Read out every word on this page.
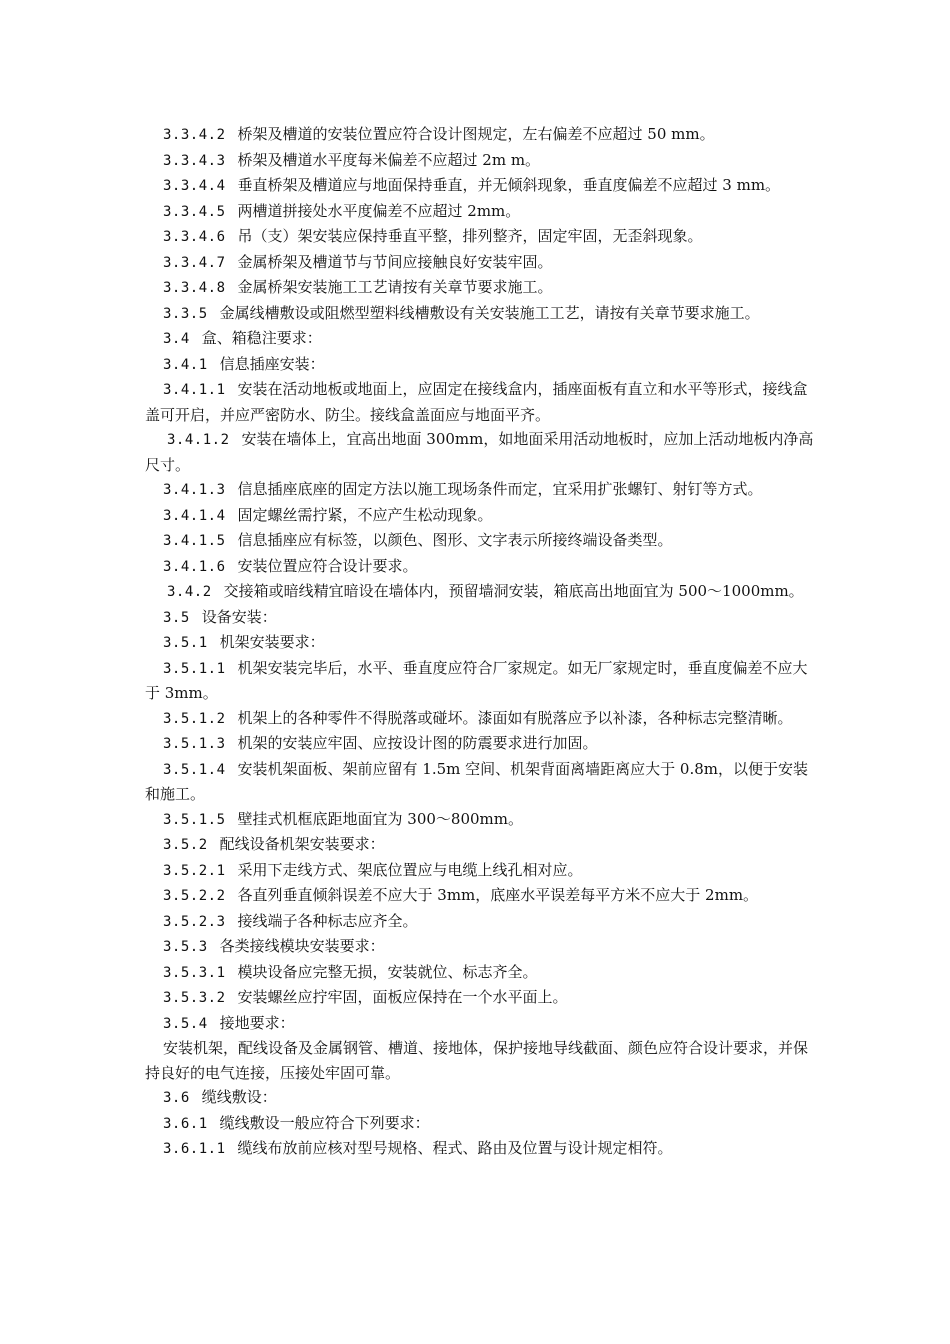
3.3.4.2 桥架及槽道的安装位置应符合设计图规定，左右偏差不应超过 50 mm。

3.3.4.3 桥架及槽道水平度每米偏差不应超过 2m m。

3.3.4.4 垂直桥架及槽道应与地面保持垂直，并无倾斜现象，垂直度偏差不应超过 3 mm。

3.3.4.5 两槽道拼接处水平度偏差不应超过 2mm。

3.3.4.6 吊（支）架安装应保持垂直平整，排列整齐，固定牢固，无歪斜现象。

3.3.4.7 金属桥架及槽道节与节间应接触良好安装牢固。

3.3.4.8 金属桥架安装施工工艺请按有关章节要求施工。

3.3.5 金属线槽敷设或阻燃型塑料线槽敷设有关安装施工工艺，请按有关章节要求施工。

3.4 盒、箱稳注要求：

3.4.1 信息插座安装：

3.4.1.1 安装在活动地板或地面上，应固定在接线盒内，插座面板有直立和水平等形式，接线盒盖可开启，并应严密防水、防尘。接线盒盖面应与地面平齐。

3.4.1.2 安装在墙体上，宜高出地面 300mm，如地面采用活动地板时，应加上活动地板内净高尺寸。

3.4.1.3 信息插座底座的固定方法以施工现场条件而定，宜采用扩张螺钉、射钉等方式。

3.4.1.4 固定螺丝需拧紧，不应产生松动现象。

3.4.1.5 信息插座应有标签，以颜色、图形、文字表示所接终端设备类型。

3.4.1.6 安装位置应符合设计要求。

3.4.2 交接箱或暗线精宜暗设在墙体内，预留墙洞安装，箱底高出地面宜为 500～1000mm。

3.5 设备安装：

3.5.1 机架安装要求：

3.5.1.1 机架安装完毕后，水平、垂直度应符合厂家规定。如无厂家规定时，垂直度偏差不应大于 3mm。

3.5.1.2 机架上的各种零件不得脱落或碰坏。漆面如有脱落应予以补漆，各种标志完整清晰。

3.5.1.3 机架的安装应牢固、应按设计图的防震要求进行加固。

3.5.1.4 安装机架面板、架前应留有 1.5m 空间、机架背面离墙距离应大于 0.8m，以便于安装和施工。

3.5.1.5 壁挂式机框底距地面宜为 300～800mm。

3.5.2 配线设备机架安装要求：

3.5.2.1 采用下走线方式、架底位置应与电缆上线孔相对应。

3.5.2.2 各直列垂直倾斜误差不应大于 3mm，底座水平误差每平方米不应大于 2mm。

3.5.2.3 接线端子各种标志应齐全。

3.5.3 各类接线模块安装要求：

3.5.3.1 模块设备应完整无损，安装就位、标志齐全。

3.5.3.2 安装螺丝应拧牢固，面板应保持在一个水平面上。

3.5.4 接地要求：

安装机架，配线设备及金属钢管、槽道、接地体，保护接地导线截面、颜色应符合设计要求，并保持良好的电气连接，压接处牢固可靠。

3.6 缆线敷设：

3.6.1 缆线敷设一般应符合下列要求：

3.6.1.1 缆线布放前应核对型号规格、程式、路由及位置与设计规定相符。
